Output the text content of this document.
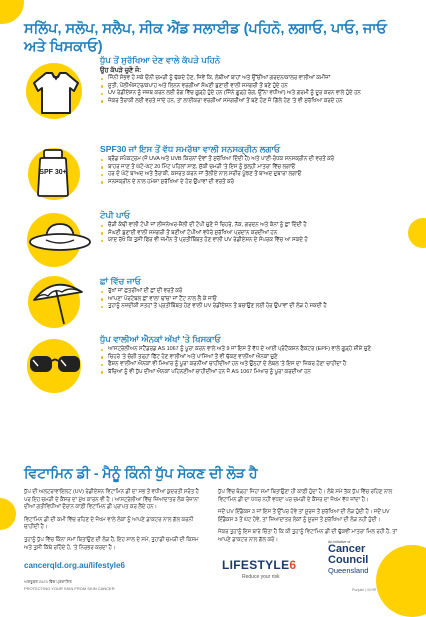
ਸਲਿੱਪ, ਸਲੋਪ, ਸਲੈਪ, ਸੀਕ ਐਂਡ ਸਲਾਈਡ (ਪਹਿਨੋ, ਲਗਾਓ, ਪਾਓ, ਜਾਓ ਅਤੇ ਖਿਸਕਾਓ)
ਧੁੱਪ ਤੋਂ ਸੁਰੱਖਿਆ ਦੇਣ ਵਾਲੇ ਕੱਪੜੇ ਪਹਿਨੋ
ਉਹ ਕੱਪੜੇ ਚੁਣੋ ਜੋ:
ਜਿੰਨੀ ਸੰਭਵ ਹੋ ਸਕੇ ਓਨੀ ਚਮੜੀ ਨੂੰ ਢੱਕਦੇ ਹੋਣ, ਜਿਵੇਂ ਕਿ, ਲੰਬੀਆਂ ਬਾਹਾਂ ਅਤੇ ਉੱਚੀਆਂ ਗਰਦਨ/ਕਾਲਰ ਵਾਲੀਆਂ ਕਮੀਜ਼ਾਂ
ਸੂਤੀ, ਪੌਲੀਐਸਟਰ/ਕਪਾਹ ਅਤੇ ਲਿਨਨ ਵਰਗੀਆਂ ਸੰਘਣੀ ਬੁਣਾਈ ਵਾਲੀ ਸਮੱਗਰੀ ਤੋਂ ਬਣੇ ਹੁੰਦੇ ਹਨ
UV ਰੇਡੀਏਸ਼ਨ ਨੂੰ ਜਜ਼ਬ ਕਰਨ ਲਈ ਰੰਗ ਵਿੱਚ ਗੂੜ੍ਹੇ ਹੁੰਦੇ ਹਨ (ਜਿੰਨੇ ਗੂੜ੍ਹੇ ਰੰਗ, ਉੱਨਾ ਵਧੀਆ) ਅਤੇ ਗਰਮੀ ਨੂੰ ਦੂਰ ਕਰਨ ਵਾਲੇ ਹੁੰਦੇ ਹਨ
ਜੇਕਰ ਤੈਰਾਕੀ ਲਈ ਵਰਤੇ ਜਾਂਦੇ ਹਨ, ਤਾਂ ਲਾਈਕਰਾ ਵਰਗੀਆਂ ਸਮੱਗਰੀਆਂ ਤੋਂ ਬਣੇ ਹੋਣ ਜੋ ਗਿੱਲੇ ਹੋਣ 'ਤੇ ਵੀ ਸੁਰੱਖਿਆ ਕਰਦੇ ਹਨ
SPF 30+
SPF30 ਜਾਂ ਇਸ ਤੋਂ ਵੱਧ ਸਮਰੱਥਾ ਵਾਲੀ ਸਨਸਕ੍ਰੀਨ ਲਗਾਓ
ਬ੍ਰੌਡ ਸਪੈਕਟ੍ਰਮ (ਜੋ UVA ਅਤੇ UVB ਕਿਰਨਾਂ ਦੋਵਾਂ ਤੋਂ ਸੁਰੱਖਿਆ ਦਿੰਦੀ ਹੈ) ਅਤੇ ਪਾਣੀ-ਰੋਧਕ ਸਨਸਕ੍ਰੀਨ ਦੀ ਵਰਤੋਂ ਕਰੋ
ਬਾਹਰ ਜਾਣ ਤੋਂ ਘੱਟੋ-ਘੱਟ 20 ਮਿੰਟ ਪਹਿਲਾਂ ਸਾਫ਼, ਸੁੱਕੀ ਚਮੜੀ 'ਤੇ ਇਸ ਨੂੰ ਖੁੱਲ੍ਹੀ ਮਾਤਰਾ ਵਿੱਚ ਲਗਾਓ
ਹਰ ਦੋ ਘੰਟੇ ਬਾਅਦ ਅਤੇ ਤੈਰਾਕੀ, ਕਸਰਤ ਕਰਨ ਜਾਂ ਤੌਲੀਏ ਨਾਲ ਸਰੀਰ ਪੂੰਝਣ ਤੋਂ ਬਾਅਦ ਦੁਬਾਰਾ ਲਗਾਓ
ਸਨਸਕ੍ਰੀਨ ਦੇ ਨਾਲ ਹਮੇਸ਼ਾ ਸੁਰੱਖਿਆ ਦੇ ਹੋਰ ਉਪਾਵਾਂ ਦੀ ਵਰਤੋਂ ਕਰੋ
ਟੋਪੀ ਪਾਓ
ਚੌੜੀ ਕੰਢੀ ਵਾਲੀ ਟੋਪੀ ਜਾਂ ਲੀਜਨੇਅਰ-ਸ਼ੈਲੀ ਦੀ ਟੋਪੀ ਚੁਣੋ ਜੋ ਚਿਹਰੇ, ਨੱਕ, ਗਰਦਨ ਅਤੇ ਕੰਨਾਂ ਨੂੰ ਛਾਂ ਦਿੰਦੀ ਹੈ
ਸੰਘਣੀ ਬੁਣਾਈ ਵਾਲੀ ਸਮੱਗਰੀ ਤੋਂ ਬਣੀਆਂ ਟੋਪੀਆਂ ਵਧੇਰੇ ਸੁਰੱਖਿਆ ਪ੍ਰਦਾਨ ਕਰਦੀਆਂ ਹਨ
ਯਾਦ ਰੱਖੋ ਕਿ ਤੁਸੀਂ ਫਿਰ ਵੀ ਜ਼ਮੀਨ ਤੋਂ ਪ੍ਰਤੀਬਿੰਬਤ ਹੋਣ ਵਾਲੀ UV ਰੇਡੀਏਸ਼ਨ ਦੇ ਸੰਪਰਕ ਵਿੱਚ ਆ ਸਕਦੇ ਹੋ
ਛਾਂ ਵਿੱਚ ਜਾਓ
ਰੁੱਖਾਂ ਜਾਂ ਛਤਰੀਆਂ ਦੀ ਛਾਂ ਦੀ ਵਰਤੋਂ ਕਰੋ
ਆਪਣਾ ਪੋਰਟੇਬਲ ਛਾਂ ਵਾਲਾ ਢਾਂਚਾ ਜਾਂ ਟੈਂਟ ਨਾਲ ਲੈ ਕੇ ਜਾਓ
ਤੁਹਾਨੂੰ ਨਜ਼ਦੀਕੀ ਸਤਹਾਂ ਤੋਂ ਪ੍ਰਤੀਬਿੰਬਤ ਹੋਣ ਵਾਲੀ UV ਰੇਡੀਏਸ਼ਨ ਤੋਂ ਬਚਾਉਣ ਲਈ ਹੋਰ ਉਪਾਵਾਂ ਦੀ ਲੋੜ ਹੋ ਸਕਦੀ ਹੈ
ਧੁੱਪ ਵਾਲੀਆਂ ਐਨਕਾਂ ਅੱਖਾਂ 'ਤੇ ਖਿਸਕਾਓ
ਆਸਟ੍ਰੇਲੀਅਨ ਸਟੈਂਡਰਡ AS 1067 ਨੂੰ ਪੂਰਾ ਕਰਨ ਵਾਲੇ ਅਤੇ 9 ਜਾਂ ਇਸ ਤੋਂ ਵੱਧ ਦੇ ਆਈ ਪ੍ਰੋਟੈਕਸ਼ਨ ਫੈਕਟਰ (EPF) ਵਾਲੇ ਗੂੜ੍ਹੇ ਸ਼ੀਸ਼ੇ ਚੁਣੋ
ਚਿਹਰੇ 'ਤੇ ਚੰਗੀ ਤਰ੍ਹਾਂ ਫਿੱਟ ਹੋਣ ਵਾਲੀਆਂ ਅਤੇ ਪਾਸਿਆਂ ਤੋਂ ਵੀ ਢੱਕਣ ਵਾਲੀਆਂ ਐਨਕਾਂ ਚੁਣੋ
ਫੈਸ਼ਨ ਵਾਲੀਆਂ ਐਨਕਾਂ ਵੀ ਮਿਆਰ ਨੂੰ ਪੂਰਾ ਕਰਨੀਆਂ ਚਾਹੀਦੀਆਂ ਹਨ ਅਤੇ ਉਨ੍ਹਾਂ ਦੇ ਲੇਬਲ 'ਤੇ ਇਸ ਦਾ ਜ਼ਿਕਰ ਹੋਣਾ ਚਾਹੀਦਾ ਹੈ
ਬੱਚਿਆਂ ਨੂੰ ਵੀ ਧੁੱਪ ਦੀਆਂ ਐਨਕਾਂ ਪਹਿਨਣੀਆਂ ਚਾਹੀਦੀਆਂ ਹਨ ਜੋ AS 1067 ਮਿਆਰ ਨੂੰ ਪੂਰਾ ਕਰਦੀਆਂ ਹਨ
ਵਿਟਾਮਿਨ ਡੀ - ਮੈਨੂੰ ਕਿੰਨੀ ਧੁੱਪ ਸੇਕਣ ਦੀ ਲੋੜ ਹੈ

ਧੁੱਪ ਦੀ ਅਲਟਰਾਵਾਇਲਟ (UV) ਰੇਡੀਏਸ਼ਨ ਵਿਟਾਮਿਨ ਡੀ ਦਾ ਸਭ ਤੋਂ ਵਧੀਆ ਕੁਦਰਤੀ ਸਰੋਤ ਹੈ ਪਰ ਇਹ ਚਮੜੀ ਦੇ ਕੈਂਸਰ ਦਾ ਮੁੱਖ ਕਾਰਨ ਵੀ ਹੈ। ਆਸਟ੍ਰੇਲੀਆ ਵਿੱਚ ਜ਼ਿਆਦਾਤਰ ਲੋਕ ਰੋਜ਼ਾਨਾ ਦੀਆਂ ਗਤੀਵਿਧੀਆਂ ਦੌਰਾਨ ਕਾਫ਼ੀ ਵਿਟਾਮਿਨ ਡੀ ਪ੍ਰਾਪਤ ਕਰ ਲੈਂਦੇ ਹਨ।

ਵਿਟਾਮਿਨ ਡੀ ਦੀ ਕਮੀ ਵਿੱਚ ਰਹਿਣ ਦੇ ਜੋਖਮ ਵਾਲੇ ਲੋਕਾਂ ਨੂੰ ਆਪਣੇ ਡਾਕਟਰ ਨਾਲ ਗੱਲ ਕਰਨੀ ਚਾਹੀਦੀ ਹੈ।

ਤੁਹਾਨੂੰ ਧੁੱਪ ਵਿੱਚ ਕਿੰਨਾ ਸਮਾਂ ਬਿਤਾਉਣ ਦੀ ਲੋੜ ਹੈ, ਇਹ ਸਾਲ ਦੇ ਸਮੇਂ, ਤੁਹਾਡੀ ਚਮੜੀ ਦੀ ਕਿਸਮ ਅਤੇ ਤੁਸੀਂ ਕਿੱਥੇ ਰਹਿੰਦੇ ਹੋ, 'ਤੇ ਨਿਰਭਰ ਕਰਦਾ ਹੈ।

ਧੁੱਪ ਵਿੱਚ ਥੋੜ੍ਹਾ ਜਿਹਾ ਸਮਾਂ ਬਿਤਾਉਣਾ ਹੀ ਕਾਫ਼ੀ ਹੁੰਦਾ ਹੈ। ਲੰਬੇ ਸਮੇਂ ਤੱਕ ਧੁੱਪ ਵਿੱਚ ਰਹਿਣ ਨਾਲ ਵਿਟਾਮਿਨ ਡੀ ਦਾ ਪੱਧਰ ਨਹੀਂ ਵਧਦਾ ਪਰ ਚਮੜੀ ਦੇ ਕੈਂਸਰ ਦਾ ਜੋਖਮ ਵੱਧ ਜਾਂਦਾ ਹੈ।

ਜਦੋਂ UV ਇੰਡੈਕਸ 3 ਜਾਂ ਇਸ ਤੋਂ ਉੱਪਰ ਹੋਵੇ ਤਾਂ ਸੂਰਜ ਤੋਂ ਸੁਰੱਖਿਆ ਦੀ ਲੋੜ ਹੁੰਦੀ ਹੈ। ਜਦੋਂ UV ਇੰਡੈਕਸ 3 ਤੋਂ ਘੱਟ ਹੋਵੇ, ਤਾਂ ਜ਼ਿਆਦਾਤਰ ਲੋਕਾਂ ਨੂੰ ਸੂਰਜ ਤੋਂ ਸੁਰੱਖਿਆ ਦੀ ਲੋੜ ਨਹੀਂ ਹੁੰਦੀ।

ਜੇਕਰ ਤੁਹਾਨੂੰ ਇਸ ਬਾਰੇ ਚਿੰਤਾ ਹੈ ਕਿ ਕੀ ਤੁਹਾਨੂੰ ਵਿਟਾਮਿਨ ਡੀ ਦੀ ਢੁੱਕਵੀਂ ਮਾਤਰਾ ਮਿਲ ਰਹੀ ਹੈ, ਤਾਂ ਆਪਣੇ ਡਾਕਟਰ ਨਾਲ ਗੱਲ ਕਰੋ।

cancerqld.org.au/lifestyle6
ਅਕਤੂਬਰ 2023 ਵਿੱਚ ਪ੍ਰਕਾਸ਼ਿਤ
PROTECTING YOUR SKIN FROM SKIN CANCER
LIFESTYLE6
Reduce your risk
An initiative of
Cancer
Council
Queensland
Punjabi | ਪੰਜਾਬੀ
